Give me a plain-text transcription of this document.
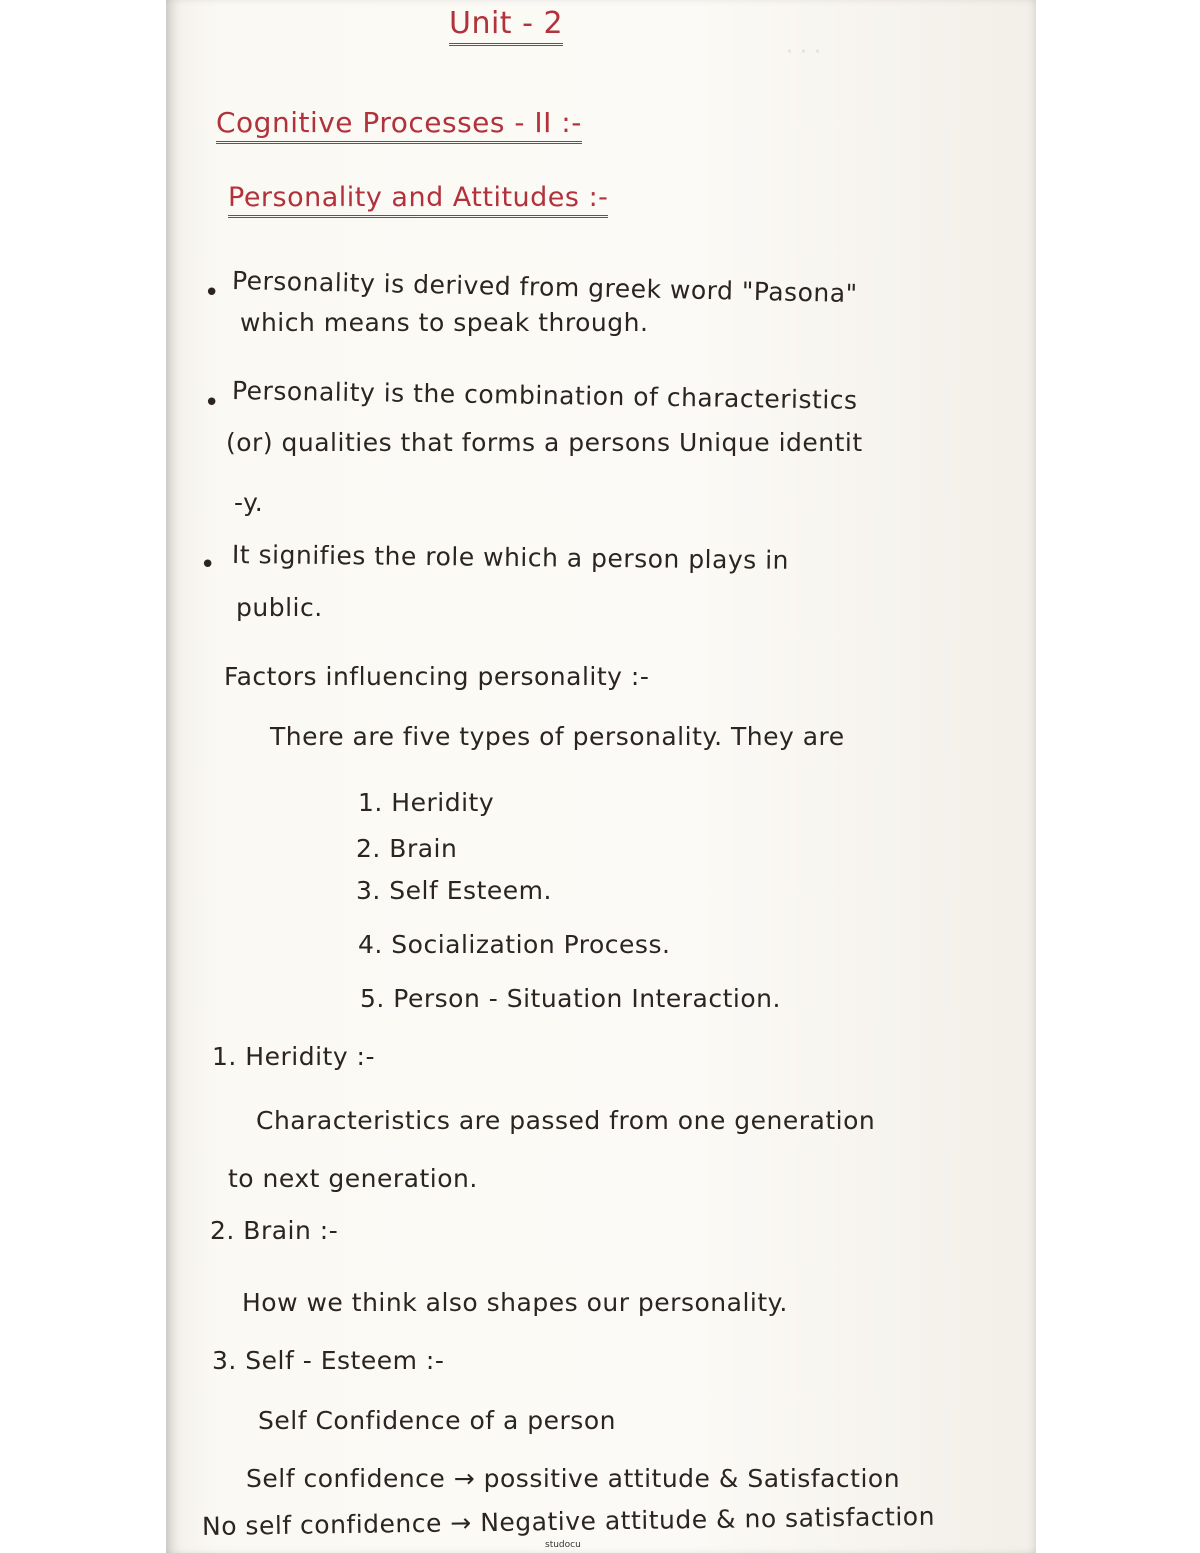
· · ·
Unit - 2
Cognitive Processes - II :-
Personality and Attitudes :-
• Personality is derived from greek word "Pasona"
which means to speak through.
• Personality is the combination of characteristics
(or) qualities that forms a persons Unique identit
-y.
• It signifies the role which a person plays in
public.
Factors influencing personality :-
There are five types of personality. They are
1. Heridity
2. Brain
3. Self Esteem.
4. Socialization Process.
5. Person - Situation Interaction.
1. Heridity :-
Characteristics are passed from one generation
to next generation.
2. Brain :-
How we think also shapes our personality.
3. Self - Esteem :-
Self Confidence of a person
Self confidence → possitive attitude & Satisfaction
No self confidence → Negative attitude & no satisfaction
studocu
